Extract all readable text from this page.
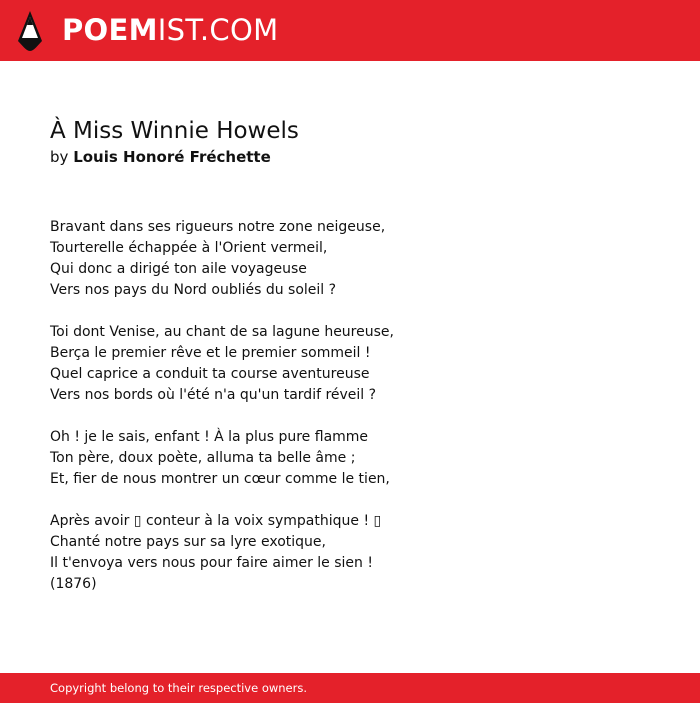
POEMIST.COM
À Miss Winnie Howels
by Louis Honoré Fréchette
Bravant dans ses rigueurs notre zone neigeuse,
Tourterelle échappée à l'Orient vermeil,
Qui donc a dirigé ton aile voyageuse
Vers nos pays du Nord oubliés du soleil ?
Toi dont Venise, au chant de sa lagune heureuse,
Berça le premier rêve et le premier sommeil !
Quel caprice a conduit ta course aventureuse
Vers nos bords où l'été n'a qu'un tardif réveil ?
Oh ! je le sais, enfant ! À la plus pure flamme
Ton père, doux poète, alluma ta belle âme ;
Et, fier de nous montrer un cœur comme le tien,
Après avoir ▯ conteur à la voix sympathique ! ▯
Chanté notre pays sur sa lyre exotique,
Il t'envoya vers nous pour faire aimer le sien !
(1876)
Copyright belong to their respective owners.
